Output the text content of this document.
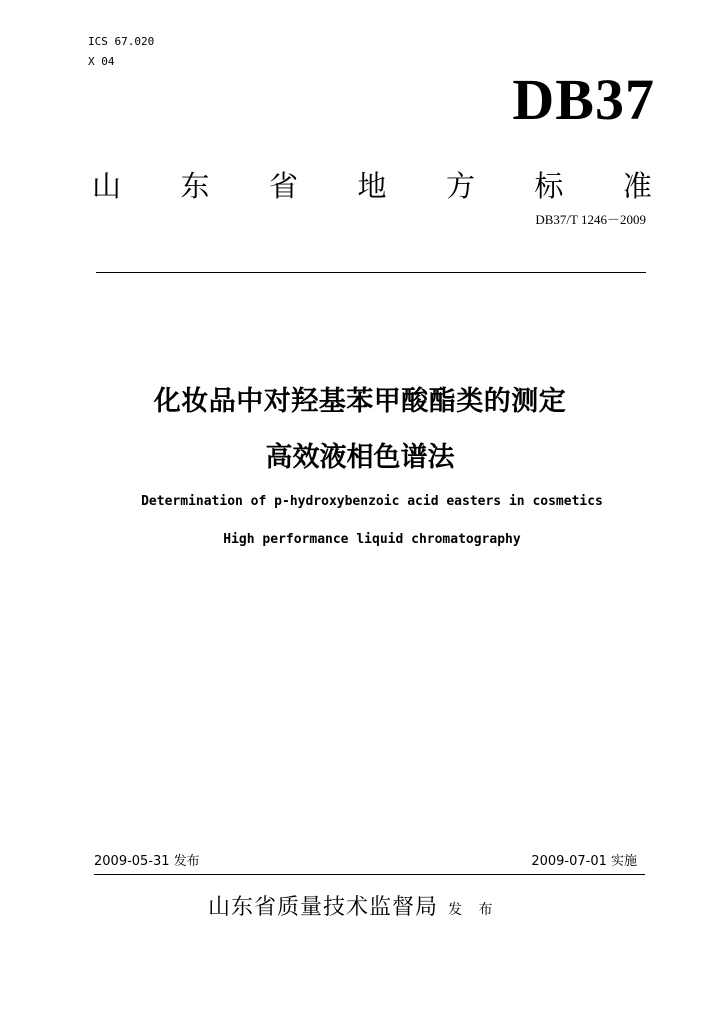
ICS 67.020
X 04
DB37
山 东 省 地 方 标 准
DB37/T 1246－2009
化妆品中对羟基苯甲酸酯类的测定
高效液相色谱法
Determination of p-hydroxybenzoic acid easters in cosmetics
High performance liquid chromatography
2009-05-31 发布	2009-07-01 实施
山东省质量技术监督局 发 布
